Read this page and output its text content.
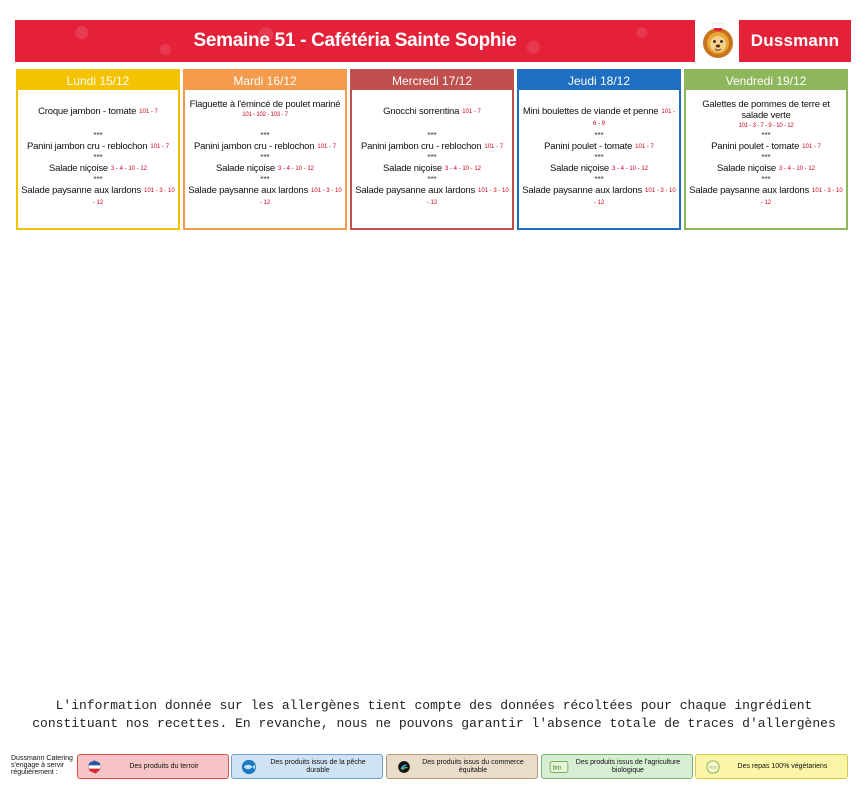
Semaine 51 - Cafétéria Sainte Sophie	Dussmann
Lundi 15/12
Croque jambon - tomate 101 - 7
***
Panini jambon cru - reblochon 101 - 7
***
Salade niçoise 3 - 4 - 10 - 12
***
Salade paysanne aux lardons 101 - 3 - 10 - 12
Mardi 16/12
Flaguette à l'émincé de poulet mariné
101 - 102 - 103 - 7
***
Panini jambon cru - reblochon 101 - 7
***
Salade niçoise 3 - 4 - 10 - 12
***
Salade paysanne aux lardons 101 - 3 - 10 - 12
Mercredi 17/12
Gnocchi sorrentina 101 - 7
***
Panini jambon cru - reblochon 101 - 7
***
Salade niçoise 3 - 4 - 10 - 12
***
Salade paysanne aux lardons 101 - 3 - 10 - 12
Jeudi 18/12
Mini boulettes de viande et penne 101 - 6 - 9
***
Panini poulet - tomate 101 - 7
***
Salade niçoise 3 - 4 - 10 - 12
***
Salade paysanne aux lardons 101 - 3 - 10 - 12
Vendredi 19/12
Galettes de pommes de terre et salade verte
101 - 3 - 7 - 9 - 10 - 12
***
Panini poulet - tomate 101 - 7
***
Salade niçoise 3 - 4 - 10 - 12
***
Salade paysanne aux lardons 101 - 3 - 10 - 12
L'information donnée sur les allergènes tient compte des données récoltées pour chaque ingrédient
constituant nos recettes. En revanche, nous ne pouvons garantir l'absence totale de traces d'allergènes
Dussmann Catering s'engage à servir régulièrement :
Des produits du terroir
Des produits issus de la pêche durable
Des produits issus du commerce équitable	bio
Des produits issus de l'agriculture biologique	VEG	Des repas 100% végétariens
